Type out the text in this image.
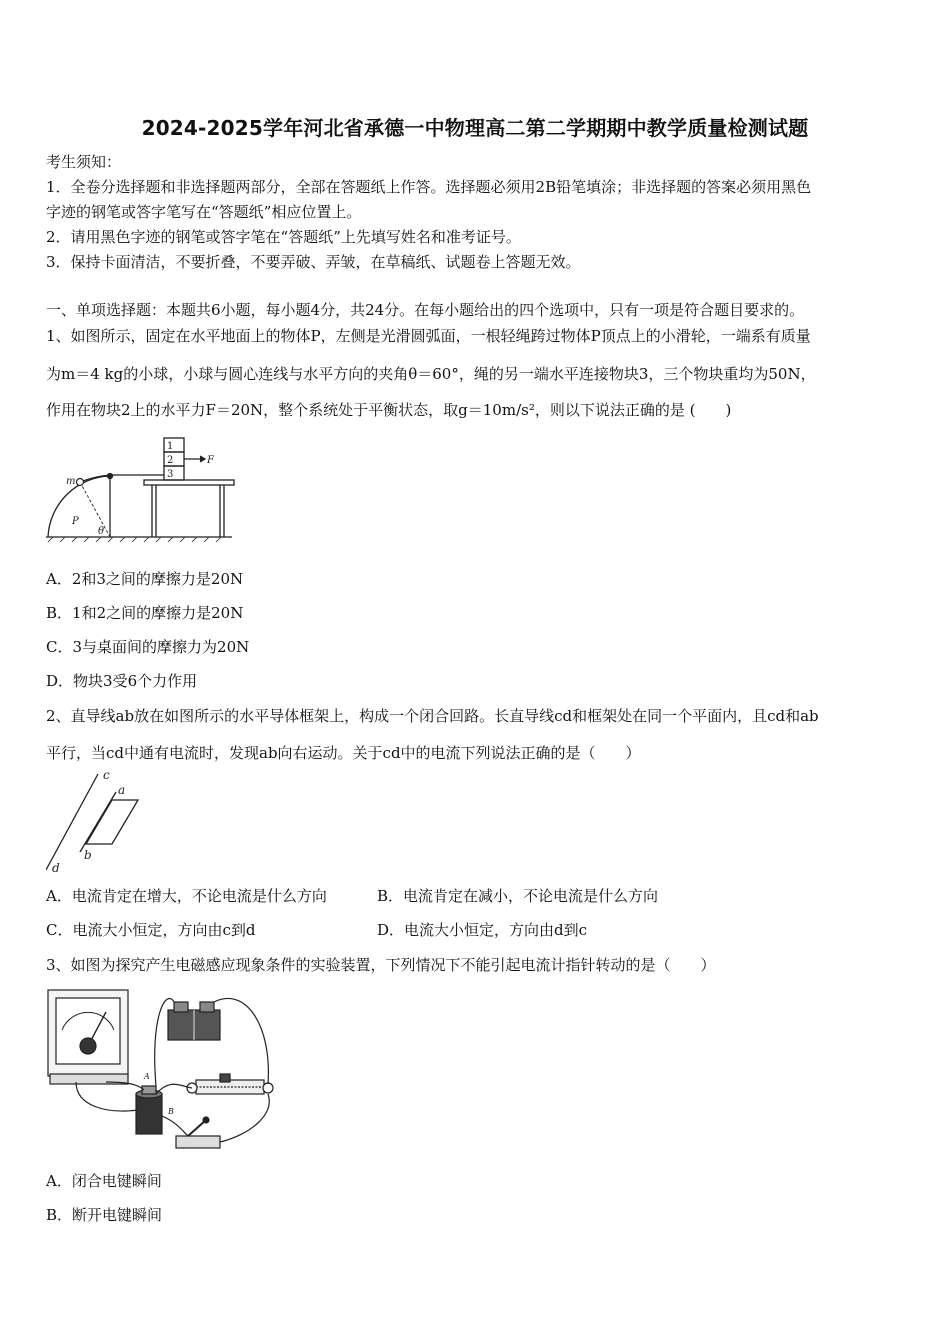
2024-2025学年河北省承德一中物理高二第二学期期中教学质量检测试题
考生须知：
1．全卷分选择题和非选择题两部分，全部在答题纸上作答。选择题必须用2B铅笔填涂；非选择题的答案必须用黑色
字迹的钢笔或答字笔写在“答题纸”相应位置上。
2．请用黑色字迹的钢笔或答字笔在“答题纸”上先填写姓名和准考证号。
3．保持卡面清洁，不要折叠，不要弄破、弄皱，在草稿纸、试题卷上答题无效。
一、单项选择题：本题共6小题，每小题4分，共24分。在每小题给出的四个选项中，只有一项是符合题目要求的。
1、如图所示，固定在水平地面上的物体P，左侧是光滑圆弧面，一根轻绳跨过物体P顶点上的小滑轮，一端系有质量
为m＝4 kg的小球，小球与圆心连线与水平方向的夹角θ＝60°，绳的另一端水平连接物块3，三个物块重均为50N，
作用在物块2上的水平力F＝20N，整个系统处于平衡状态，取g＝10m/s²，则以下说法正确的是 (　　)
1
2
3
F
m
P
θ
A．2和3之间的摩擦力是20N
B．1和2之间的摩擦力是20N
C．3与桌面间的摩擦力为20N
D．物块3受6个力作用
2、直导线ab放在如图所示的水平导体框架上，构成一个闭合回路。长直导线cd和框架处在同一个平面内，且cd和ab
平行，当cd中通有电流时，发现ab向右运动。关于cd中的电流下列说法正确的是（　　）
c
a
b
d
A．电流肯定在增大，不论电流是什么方向	B．电流肯定在减小，不论电流是什么方向
C．电流大小恒定，方向由c到d	D．电流大小恒定，方向由d到c
3、如图为探究产生电磁感应现象条件的实验装置，下列情况下不能引起电流计指针转动的是（　　）
A
B
A．闭合电键瞬间
B．断开电键瞬间
